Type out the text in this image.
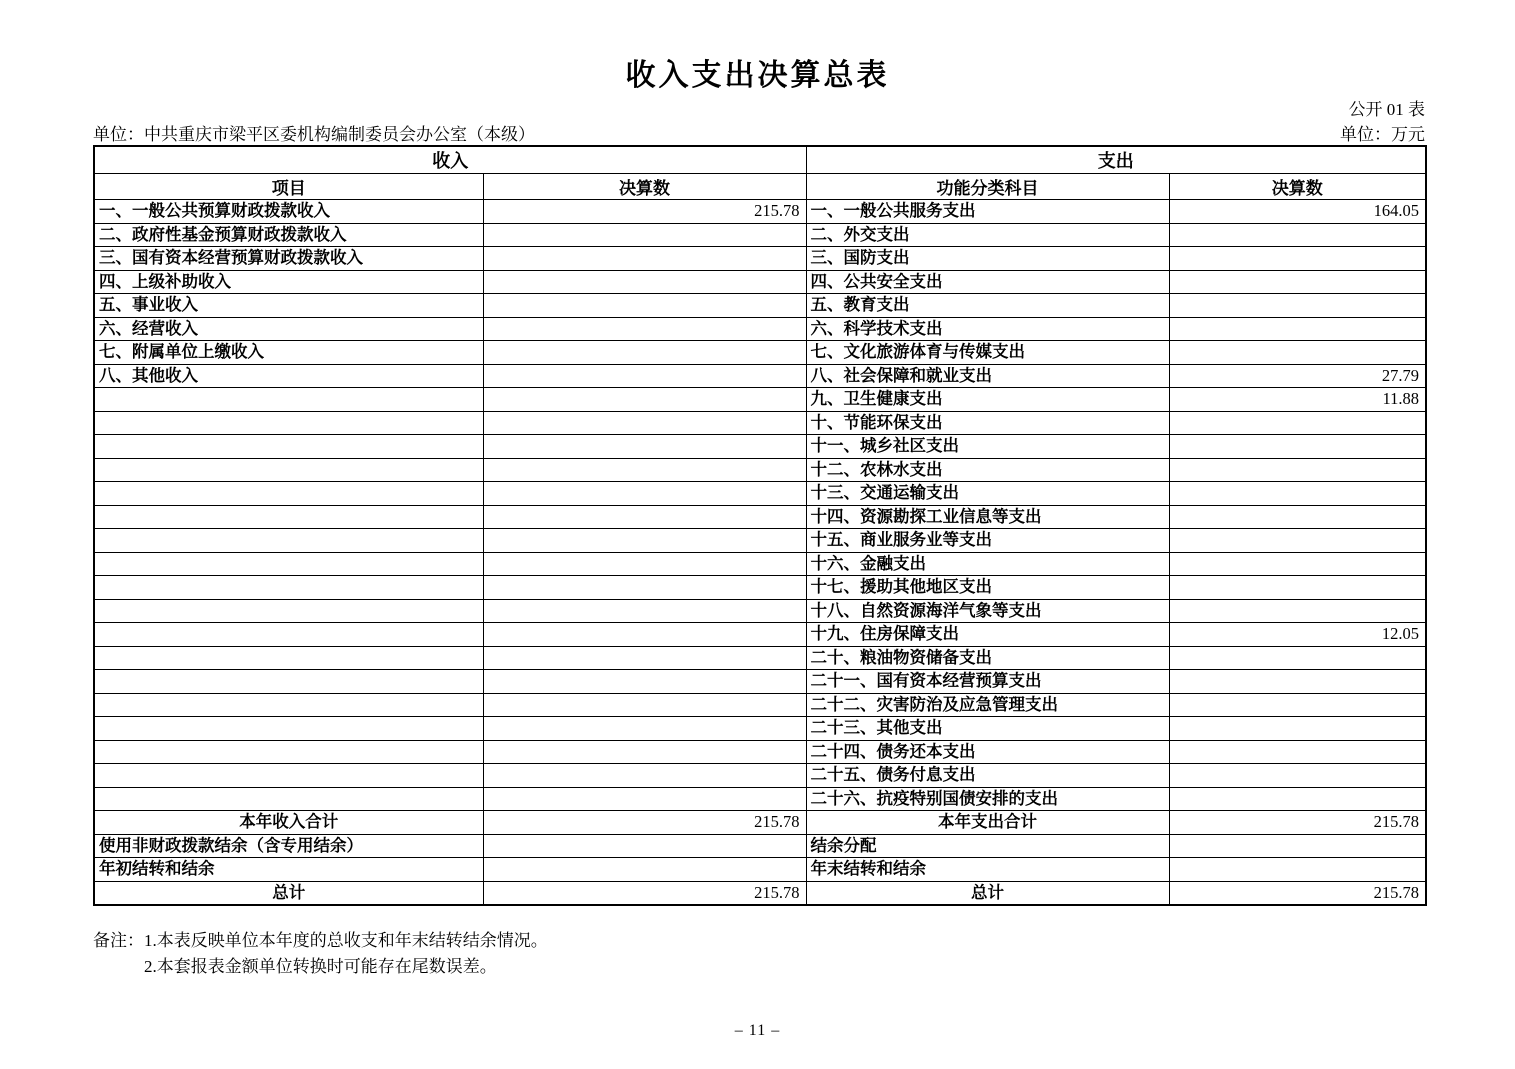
收入支出决算总表
公开 01 表
单位：中共重庆市梁平区委机构编制委员会办公室（本级）	单位：万元
收入		支出	
项目	决算数	功能分类科目	决算数
一、一般公共预算财政拨款收入	215.78	一、一般公共服务支出	164.05
二、政府性基金预算财政拨款收入		二、外交支出	
三、国有资本经营预算财政拨款收入		三、国防支出	
四、上级补助收入		四、公共安全支出	
五、事业收入		五、教育支出	
六、经营收入		六、科学技术支出	
七、附属单位上缴收入		七、文化旅游体育与传媒支出	
八、其他收入		八、社会保障和就业支出	27.79
		九、卫生健康支出	11.88
		十、节能环保支出	
		十一、城乡社区支出	
		十二、农林水支出	
		十三、交通运输支出	
		十四、资源勘探工业信息等支出	
		十五、商业服务业等支出	
		十六、金融支出	
		十七、援助其他地区支出	
		十八、自然资源海洋气象等支出	
		十九、住房保障支出	12.05
		二十、粮油物资储备支出	
		二十一、国有资本经营预算支出	
		二十二、灾害防治及应急管理支出	
		二十三、其他支出	
		二十四、债务还本支出	
		二十五、债务付息支出	
		二十六、抗疫特别国债安排的支出	
本年收入合计	215.78	本年支出合计	215.78
使用非财政拨款结余（含专用结余）		结余分配	
年初结转和结余		年末结转和结余	
总计	215.78	总计	215.78
备注：1.本表反映单位本年度的总收支和年末结转结余情况。
2.本套报表金额单位转换时可能存在尾数误差。
– 11 –
